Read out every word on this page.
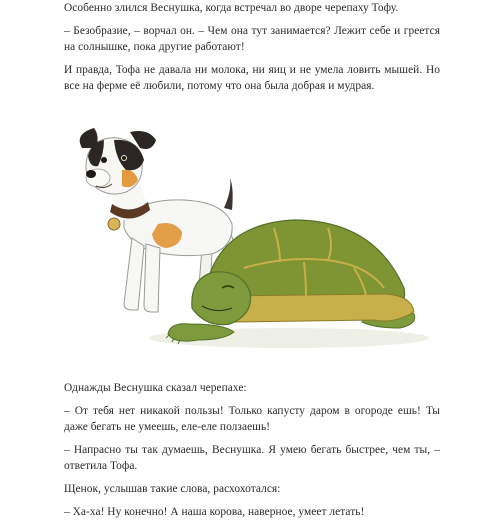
Особенно злился Веснушка, когда встречал во дворе черепаху Тофу.

– Безобразие, – ворчал он. – Чем она тут занимается? Лежит себе и греется на солнышке, пока другие работают!

И правда, Тофа не давала ни молока, ни яиц и не умела ловить мышей. Но все на ферме её любили, потому что она была добрая и мудрая.

Однажды Веснушка сказал черепахе:

– От тебя нет никакой пользы! Только капусту даром в огороде ешь! Ты даже бегать не умеешь, еле-еле ползаешь!

– Напрасно ты так думаешь, Веснушка. Я умею бегать быстрее, чем ты, – ответила Тофа.

Щенок, услышав такие слова, расхохотался:

– Ха-ха! Ну конечно! А наша корова, наверное, умеет летать!
